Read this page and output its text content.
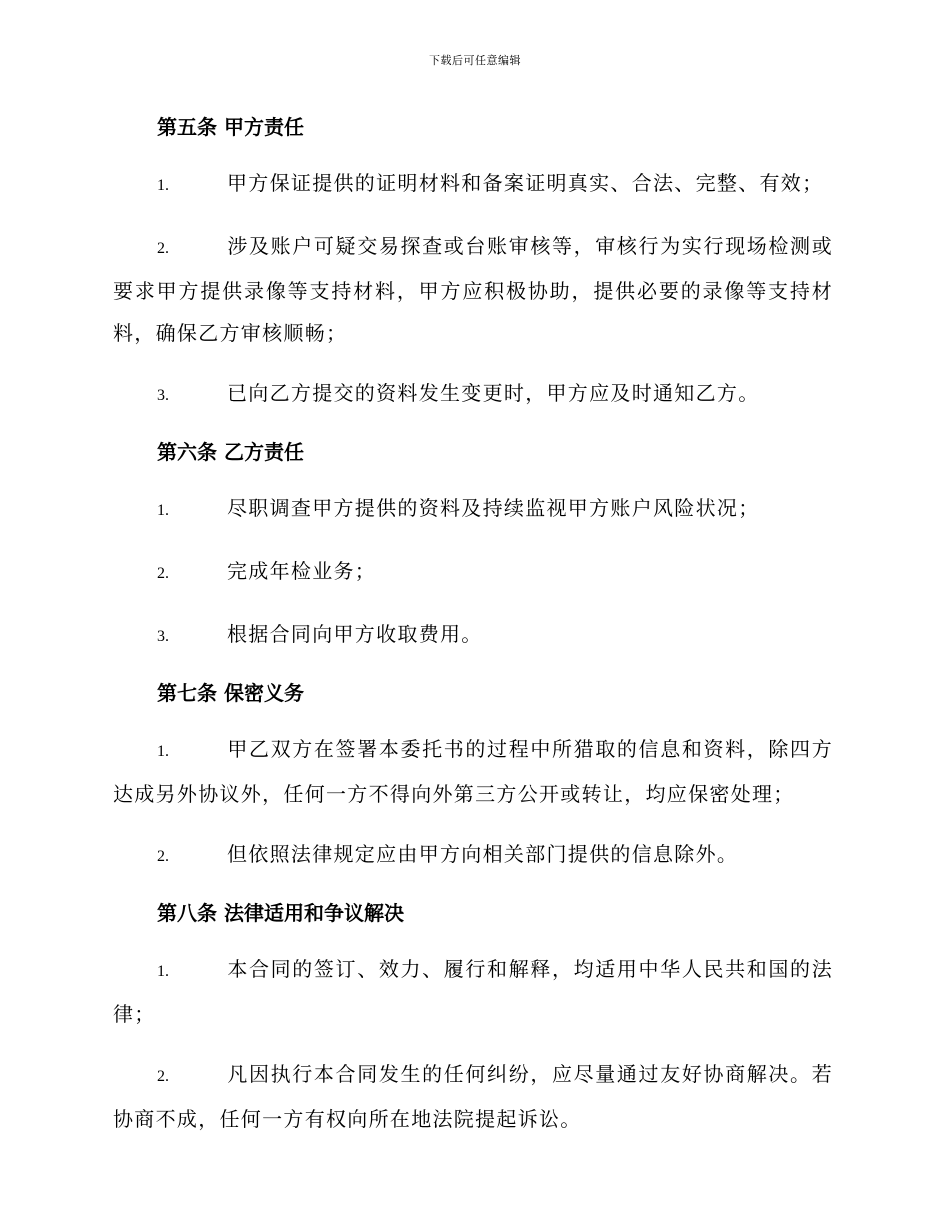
下载后可任意编辑
第五条 甲方责任

1.	甲方保证提供的证明材料和备案证明真实、合法、完整、有效；

2.	涉及账户可疑交易探查或台账审核等，审核行为实行现场检测或要求甲方提供录像等支持材料，甲方应积极协助，提供必要的录像等支持材料，确保乙方审核顺畅；

3.	已向乙方提交的资料发生变更时，甲方应及时通知乙方。

第六条 乙方责任

1.	尽职调查甲方提供的资料及持续监视甲方账户风险状况；

2.	完成年检业务；

3.	根据合同向甲方收取费用。

第七条 保密义务

1.	甲乙双方在签署本委托书的过程中所猎取的信息和资料，除四方达成另外协议外，任何一方不得向外第三方公开或转让，均应保密处理；

2.	但依照法律规定应由甲方向相关部门提供的信息除外。

第八条 法律适用和争议解决

1.	本合同的签订、效力、履行和解释，均适用中华人民共和国的法律；

2.	凡因执行本合同发生的任何纠纷，应尽量通过友好协商解决。若协商不成，任何一方有权向所在地法院提起诉讼。
